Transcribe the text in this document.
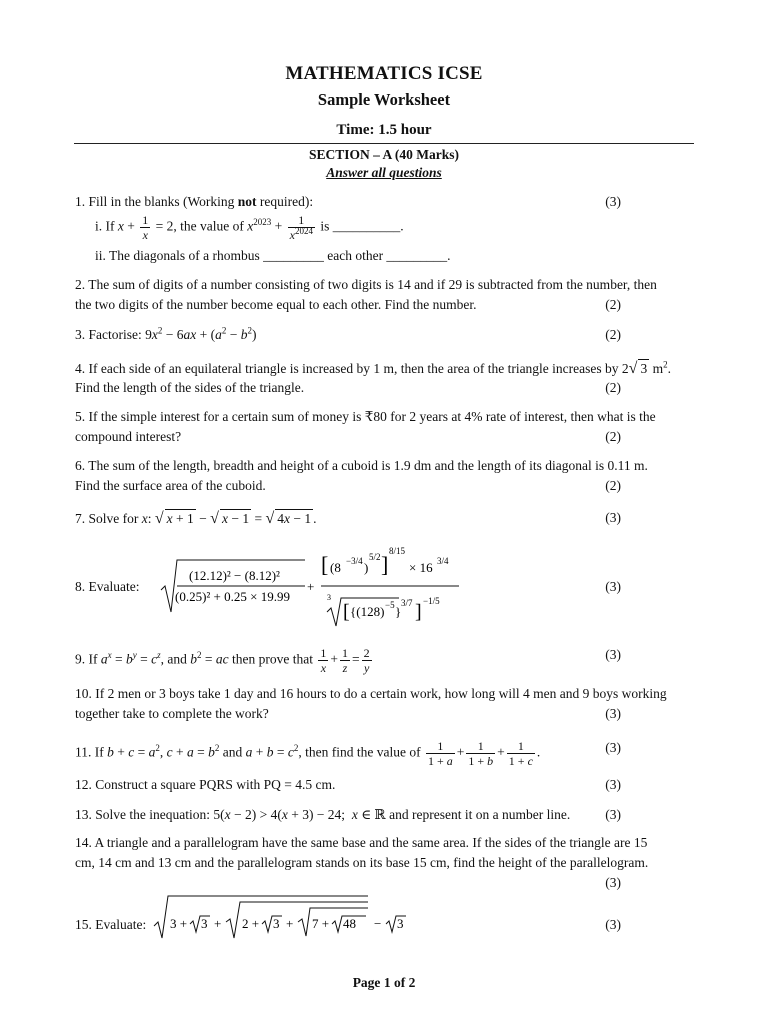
MATHEMATICS ICSE
Sample Worksheet
Time: 1.5 hour
SECTION – A (40 Marks)
Answer all questions
1. Fill in the blanks (Working not required):	(3)
i. If $x + \frac{1}{x} = 2$, the value of $x^{2023} + \frac{1}{x^{2024}}$ is __________.
ii. The diagonals of a rhombus _________ each other _________.
2. The sum of digits of a number consisting of two digits is 14 and if 29 is subtracted from the number, then
the two digits of the number become equal to each other. Find the number.	(2)
3. Factorise: $9x^2 - 6ax + (a^2 - b^2)$	(2)
4. If each side of an equilateral triangle is increased by 1 m, then the area of the triangle increases by 2√ 3 $m^2$.
Find the length of the sides of the triangle.	(2)
5. If the simple interest for a certain sum of money is ₹80 for 2 years at 4% rate of interest, then what is the
compound interest?	(2)
6. The sum of the length, breadth and height of a cuboid is 1.9 dm and the length of its diagonal is 0.11 m.
Find the surface area of the cuboid.	(2)
7. Solve for x: √ x + 1 − √ x − 1 = √ 4x − 1 .	(3)
8. Evaluate:	(3)
(12.12)² − (8.12)²
(0.25)² + 0.25 × 19.99
+
[ (8 −3/4 )
5/2 ]
8/15
× 16 3/4
3
[ {(128) −5 }
3/7 ] −1/5
9. If $a^x = b^y = c^z$, and $b^2$ = ac then prove that $\frac{1}{x} + \frac{1}{z} = \frac{2}{y}$	(3)
10. If 2 men or 3 boys take 1 day and 16 hours to do a certain work, how long will 4 men and 9 boys working
together take to complete the work?	(3)
11. If $b + c = a^2$, $c + a = b^2$ and $a + b = c^2$, then find the value of $\frac{1}{1 + a} + \frac{1}{1 + b} + \frac{1}{1 + c}$ .	(3)
12. Construct a square PQRS with PQ = 4.5 cm.	(3)
13. Solve the inequation: 5(x − 2) > 4(x + 3) − 24;  x ∈ ℝ and represent it on a number line.	(3)
14. A triangle and a parallelogram have the same base and the same area. If the sides of the triangle are 15
cm, 14 cm and 13 cm and the parallelogram stands on its base 15 cm, find the height of the parallelogram.
(3)
15. Evaluate:	(3)
3 + 3 + 2 + 3 + 7 + 48 − 3
Page 1 of 2
